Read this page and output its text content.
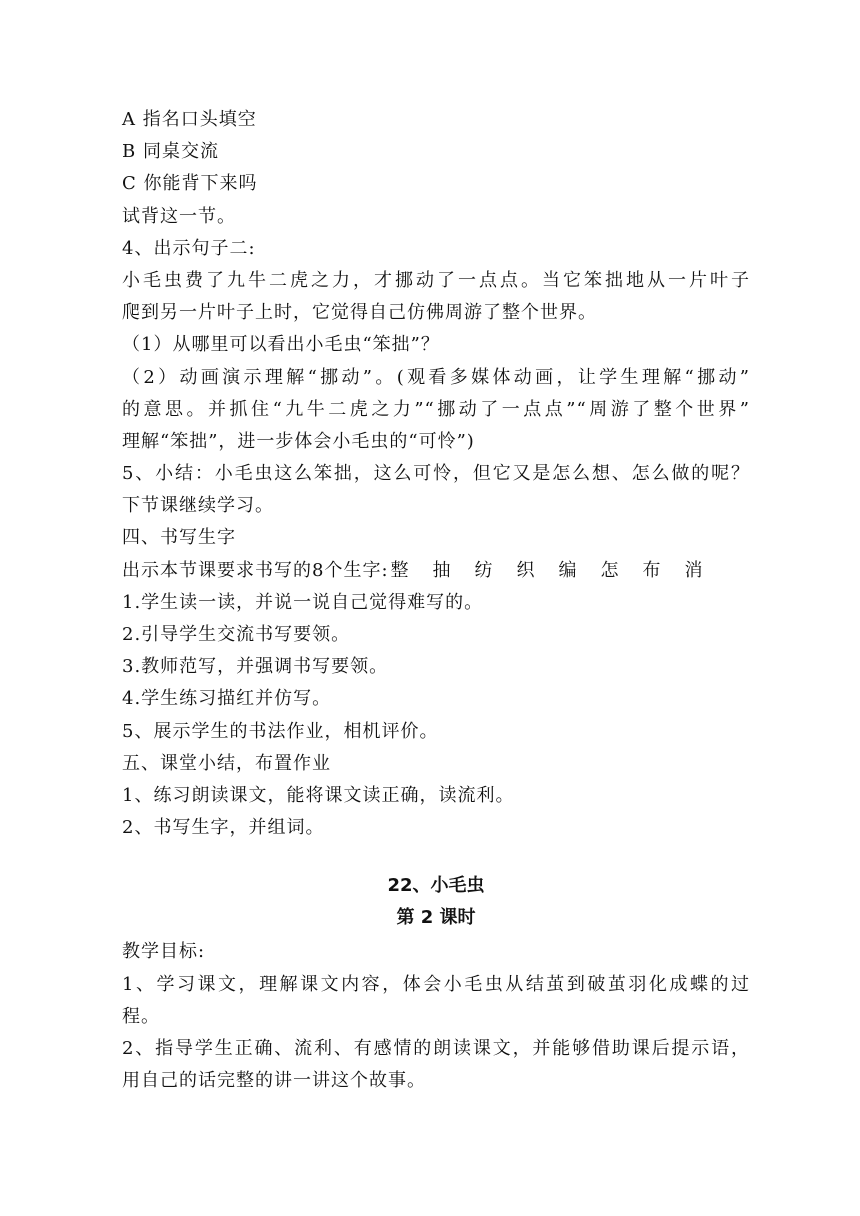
A 指名口头填空
B 同桌交流
C 你能背下来吗
试背这一节。
4、出示句子二:
小毛虫费了九牛二虎之力，才挪动了一点点。当它笨拙地从一片叶子
爬到另一片叶子上时，它觉得自己仿佛周游了整个世界。
（1）从哪里可以看出小毛虫“笨拙”？
（2）动画演示理解“挪动”。(观看多媒体动画，让学生理解“挪动”
的意思。并抓住“九牛二虎之力”“挪动了一点点”“周游了整个世界”
理解“笨拙”，进一步体会小毛虫的“可怜”)
5、小结：小毛虫这么笨拙，这么可怜，但它又是怎么想、怎么做的呢？
下节课继续学习。
四、书写生字
出示本节课要求书写的8个生字: 整 抽 纺 织 编 怎 布 消
1.学生读一读，并说一说自己觉得难写的。
2.引导学生交流书写要领。
3.教师范写，并强调书写要领。
4.学生练习描红并仿写。
5、展示学生的书法作业，相机评价。
五、课堂小结，布置作业
1、练习朗读课文，能将课文读正确，读流利。
2、书写生字，并组词。
22、小毛虫
第 2 课时
教学目标:
1、学习课文，理解课文内容，体会小毛虫从结茧到破茧羽化成蝶的过
程。
2、指导学生正确、流利、有感情的朗读课文，并能够借助课后提示语，
用自己的话完整的讲一讲这个故事。
